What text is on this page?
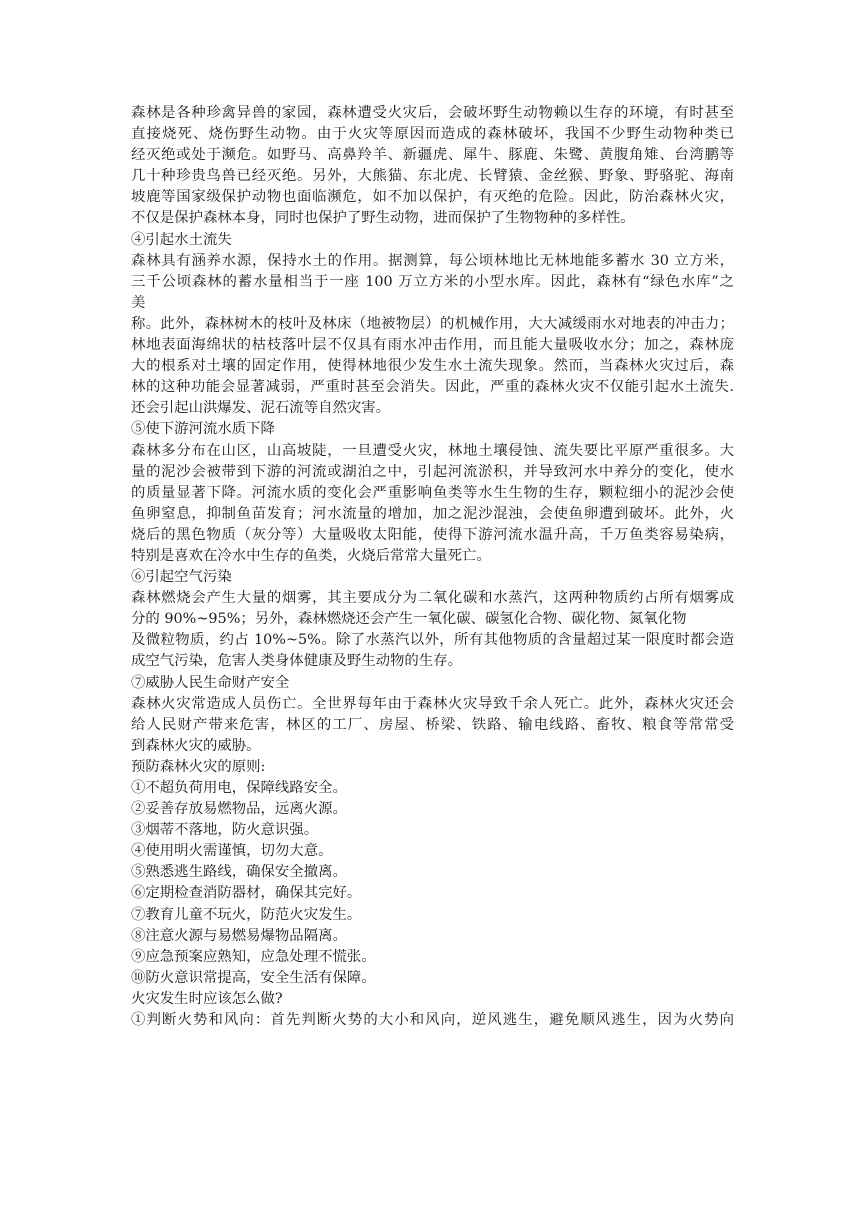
森林是各种珍禽异兽的家园，森林遭受火灾后，会破坏野生动物赖以生存的环境，有时甚至
直接烧死、烧伤野生动物。由于火灾等原因而造成的森林破坏，我国不少野生动物种类已
经灭绝或处于濒危。如野马、高鼻羚羊、新疆虎、犀牛、豚鹿、朱鹭、黄腹角雉、台湾鹏等
几十种珍贵鸟兽已经灭绝。另外，大熊猫、东北虎、长臂猿、金丝猴、野象、野骆驼、海南
坡鹿等国家级保护动物也面临濒危，如不加以保护，有灭绝的危险。因此，防治森林火灾，
不仅是保护森林本身，同时也保护了野生动物，进而保护了生物物种的多样性。
④引起水土流失
森林具有涵养水源，保持水土的作用。据测算，每公顷林地比无林地能多蓄水 30 立方米，
三千公顷森林的蓄水量相当于一座 100 万立方米的小型水库。因此，森林有“绿色水库”之
美
称。此外，森林树木的枝叶及林床（地被物层）的机械作用，大大减缓雨水对地表的冲击力；
林地表面海绵状的枯枝落叶层不仅具有雨水冲击作用，而且能大量吸收水分；加之，森林庞
大的根系对土壤的固定作用，使得林地很少发生水土流失现象。然而，当森林火灾过后，森
林的这种功能会显著减弱，严重时甚至会消失。因此，严重的森林火灾不仅能引起水土流失.
还会引起山洪爆发、泥石流等自然灾害。
⑤使下游河流水质下降
森林多分布在山区，山高坡陡，一旦遭受火灾，林地土壤侵蚀、流失要比平原严重很多。大
量的泥沙会被带到下游的河流或湖泊之中，引起河流淤积，并导致河水中养分的变化，使水
的质量显著下降。河流水质的变化会严重影响鱼类等水生生物的生存，颗粒细小的泥沙会使
鱼卵窒息，抑制鱼苗发育；河水流量的增加，加之泥沙混浊，会使鱼卵遭到破坏。此外，火
烧后的黑色物质（灰分等）大量吸收太阳能，使得下游河流水温升高，千万鱼类容易染病，
特别是喜欢在冷水中生存的鱼类，火烧后常常大量死亡。
⑥引起空气污染
森林燃烧会产生大量的烟雾，其主要成分为二氧化碳和水蒸汽，这两种物质约占所有烟雾成
分的 90%~95%；另外，森林燃烧还会产生一氧化碳、碳氢化合物、碳化物、氮氧化物
及微粒物质，约占 10%~5%。除了水蒸汽以外，所有其他物质的含量超过某一限度时都会造
成空气污染，危害人类身体健康及野生动物的生存。
⑦威胁人民生命财产安全
森林火灾常造成人员伤亡。全世界每年由于森林火灾导致千余人死亡。此外，森林火灾还会
给人民财产带来危害，林区的工厂、房屋、桥梁、铁路、输电线路、畜牧、粮食等常常受
到森林火灾的威胁。
预防森林火灾的原则:
①不超负荷用电，保障线路安全。
②妥善存放易燃物品，远离火源。
③烟蒂不落地，防火意识强。
④使用明火需谨慎，切勿大意。
⑤熟悉逃生路线，确保安全撤离。
⑥定期检查消防器材，确保其完好。
⑦教育儿童不玩火，防范火灾发生。
⑧注意火源与易燃易爆物品隔离。
⑨应急预案应熟知，应急处理不慌张。
⑩防火意识常提高，安全生活有保障。
火灾发生时应该怎么做?
①判断火势和风向：首先判断火势的大小和风向，逆风逃生，避免顺风逃生，因为火势向
